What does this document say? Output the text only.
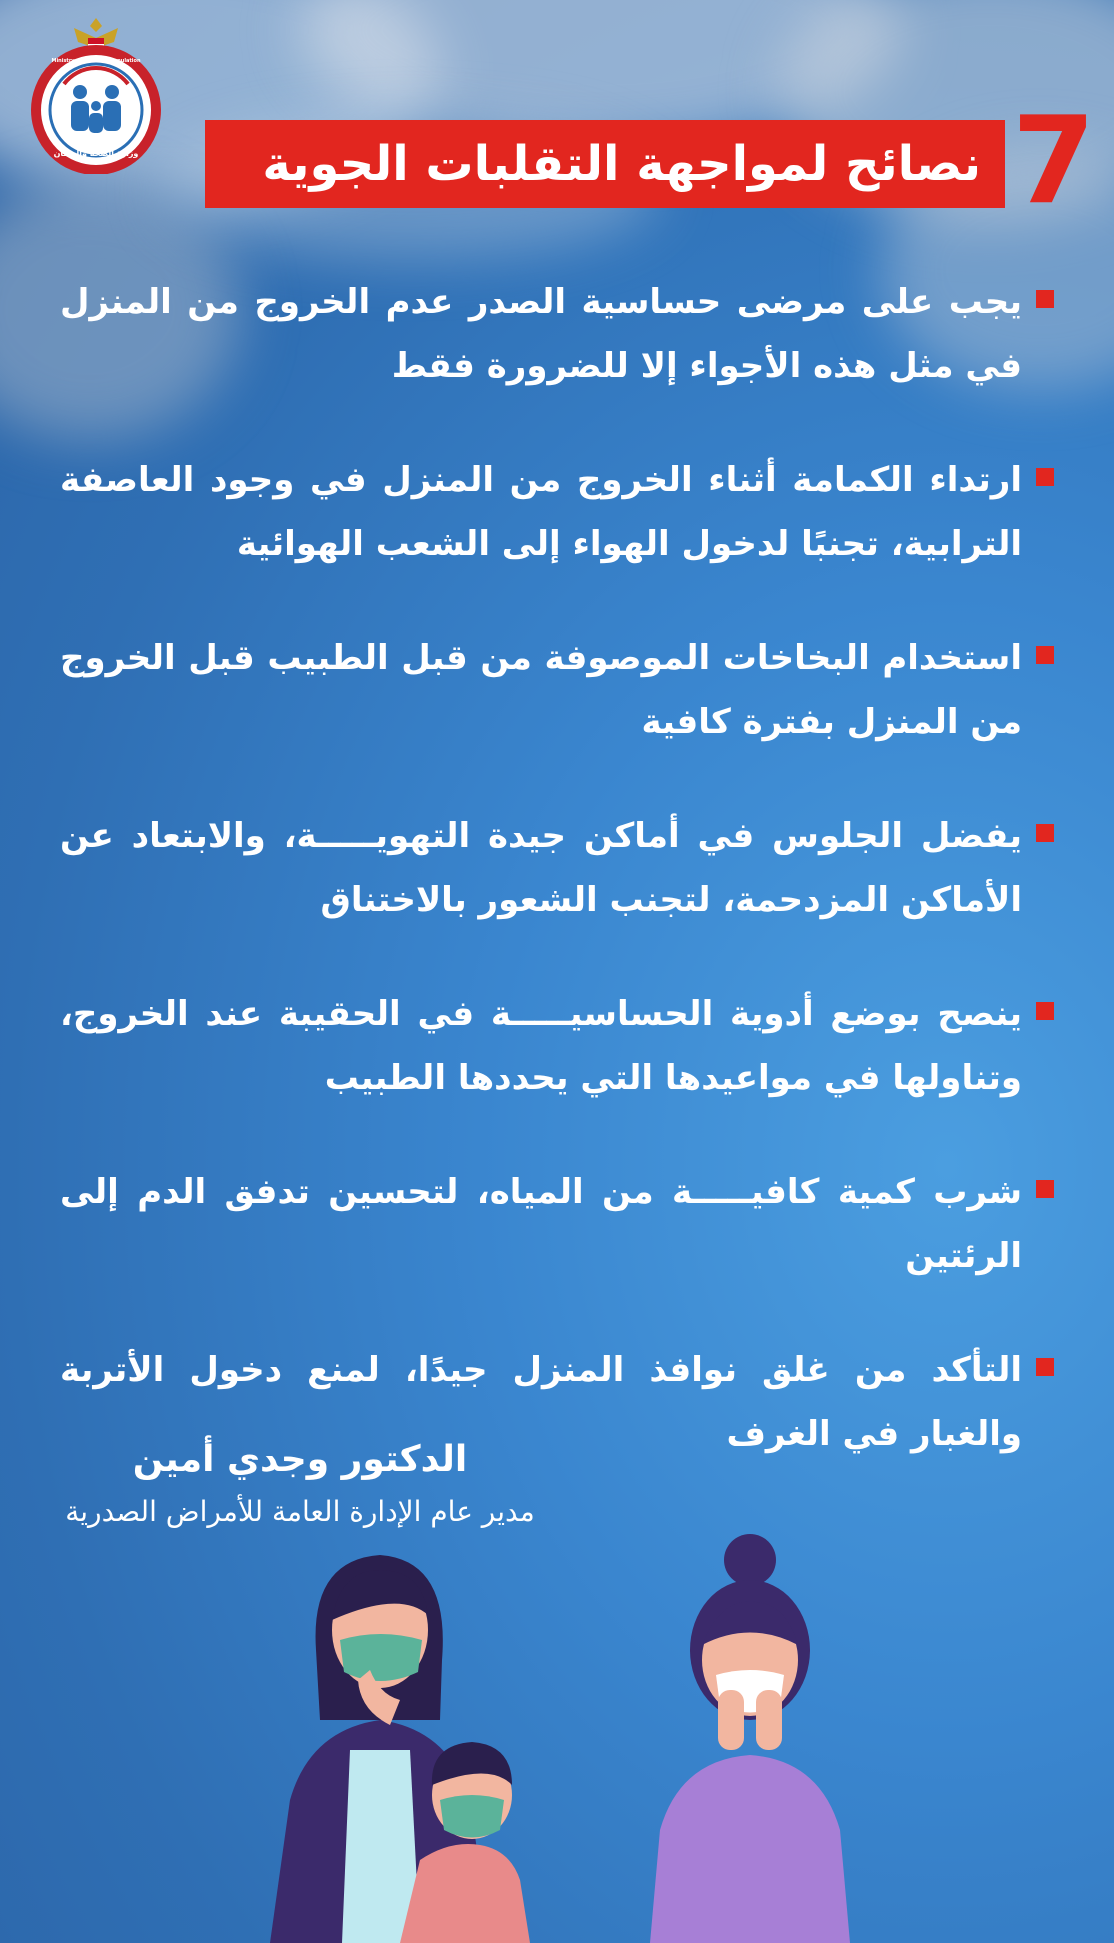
وزارة الصحة والسكان
Ministry of Health & Population
نصائح لمواجهة التقلبات الجوية 7
يجب على مرضى حساسية الصدر عدم الخروج من المنزل في مثل هذه الأجواء إلا للضرورة فقط
ارتداء الكمامة أثناء الخروج من المنزل في وجود العاصفة الترابية، تجنبًا لدخول الهواء إلى الشعب الهوائية
استخدام البخاخات الموصوفة من قبل الطبيب قبل الخروج من المنزل بفترة كافية
يفضل الجلوس في أماكن جيدة التهويـــــة، والابتعاد عن الأماكن المزدحمة، لتجنب الشعور بالاختناق
ينصح بوضع أدوية الحساسيـــــة في الحقيبة عند الخروج، وتناولها في مواعيدها التي يحددها الطبيب
شرب كمية كافيـــــة من المياه، لتحسين تدفق الدم إلى الرئتين
التأكد من غلق نوافذ المنزل جيدًا، لمنع دخول الأتربة والغبار في الغرف
الدكتور وجدي أمين
مدير عام الإدارة العامة للأمراض الصدرية
